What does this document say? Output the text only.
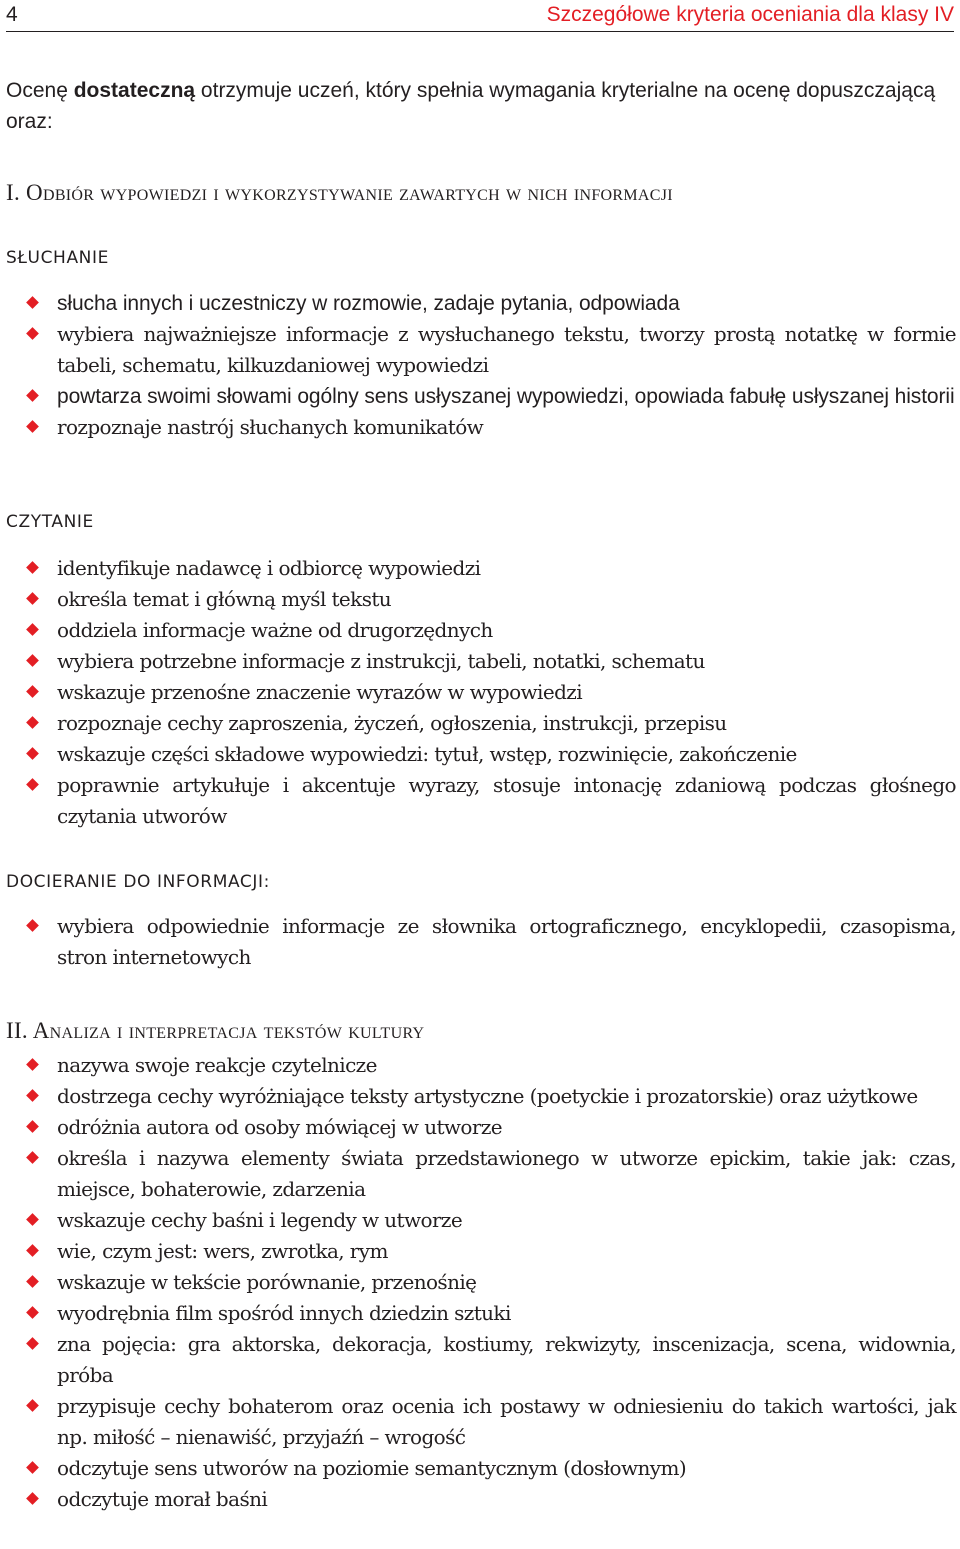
4	Szczegółowe kryteria oceniania dla klasy IV
Ocenę dostateczną otrzymuje uczeń, który spełnia wymagania kryterialne na ocenę dopuszczającą oraz:
I. Odbiór wypowiedzi i wykorzystywanie zawartych w nich informacji
SŁUCHANIE
słucha innych i uczestniczy w rozmowie, zadaje pytania, odpowiada
wybiera najważniejsze informacje z wysłuchanego tekstu, tworzy prostą notatkę w formie tabeli, schematu, kilkuzdaniowej wypowiedzi
powtarza swoimi słowami ogólny sens usłyszanej wypowiedzi, opowiada fabułę usłyszanej historii
rozpoznaje nastrój słuchanych komunikatów
CZYTANIE
identyfikuje nadawcę i odbiorcę wypowiedzi
określa temat i główną myśl tekstu
oddziela informacje ważne od drugorzędnych
wybiera potrzebne informacje z instrukcji, tabeli, notatki, schematu
wskazuje przenośne znaczenie wyrazów w wypowiedzi
rozpoznaje cechy zaproszenia, życzeń, ogłoszenia, instrukcji, przepisu
wskazuje części składowe wypowiedzi: tytuł, wstęp, rozwinięcie, zakończenie
poprawnie artykułuje i akcentuje wyrazy, stosuje intonację zdaniową podczas głośnego czytania utworów
DOCIERANIE DO INFORMACJI:
wybiera odpowiednie informacje ze słownika ortograficznego, encyklopedii, czasopisma, stron internetowych
II. Analiza i interpretacja tekstów kultury
nazywa swoje reakcje czytelnicze
dostrzega cechy wyróżniające teksty artystyczne (poetyckie i prozatorskie) oraz użytkowe
odróżnia autora od osoby mówiącej w utworze
określa i nazywa elementy świata przedstawionego w utworze epickim, takie jak: czas, miejsce, bohaterowie, zdarzenia
wskazuje cechy baśni i legendy w utworze
wie, czym jest: wers, zwrotka, rym
wskazuje w tekście porównanie, przenośnię
wyodrębnia film spośród innych dziedzin sztuki
zna pojęcia: gra aktorska, dekoracja, kostiumy, rekwizyty, inscenizacja, scena, widownia, próba
przypisuje cechy bohaterom oraz ocenia ich postawy w odniesieniu do takich wartości, jak np. miłość – nienawiść, przyjaźń – wrogość
odczytuje sens utworów na poziomie semantycznym (dosłownym)
odczytuje morał baśni
